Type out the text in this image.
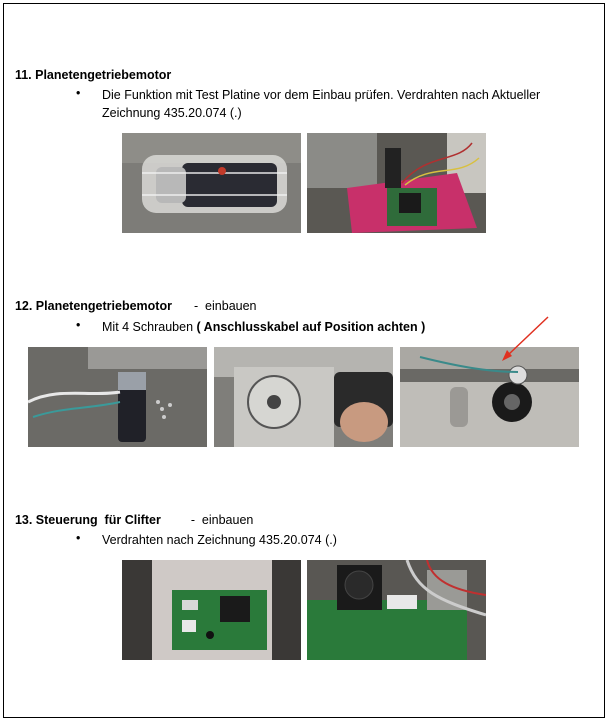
11. Planetengetriebemotor

•	Die Funktion mit Test Platine vor dem Einbau prüfen. Verdrahten nach Aktueller Zeichnung 435.20.074 (.)

12. Planetengetriebemotor -  einbauen

•	Mit 4 Schrauben ( Anschlusskabel auf Position achten )

13. Steuerung  für Clifter -  einbauen

•	Verdrahten nach Zeichnung 435.20.074 (.)
